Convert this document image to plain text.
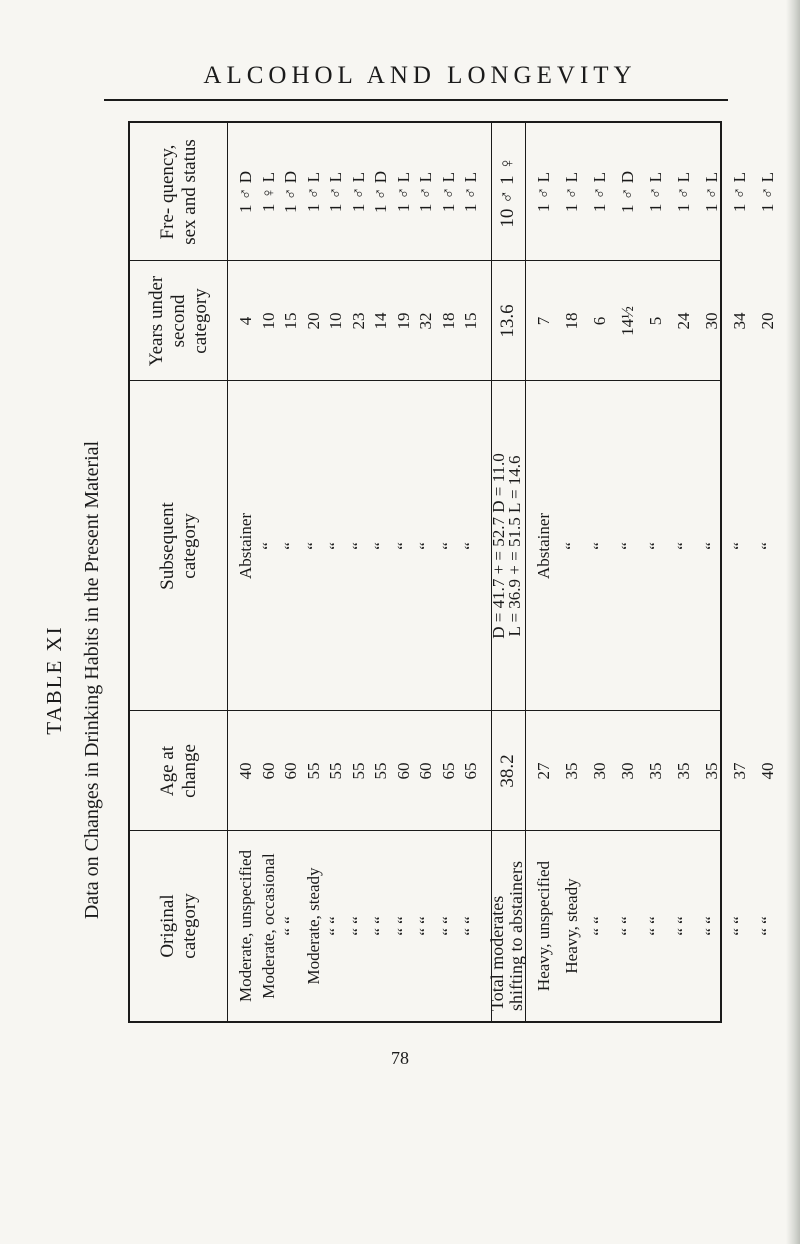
ALCOHOL AND LONGEVITY
TABLE XI Data on Changes in Drinking Habits in the Present Material
Fre- quency, sex and status 1 ♂ D 1 ♀ L 1 ♂ D 1 ♂ L 1 ♂ L 1 ♂ L 1 ♂ D 1 ♂ L 1 ♂ L 1 ♂ L 1 ♂ L 10 ♂ 1 ♀ 1 ♂ L 1 ♂ L 1 ♂ L 1 ♂ D 1 ♂ L 1 ♂ L 1 ♂ L 1 ♂ L 1 ♂ L
Years under second category 4 10 15 20 10 23 14 19 32 18 15 13.6 7 18 6 14½ 5 24 30 34 20
Subsequent category Abstainer “ “ “ “ “ “ “ “ “ “ D = 41.7 + = 52.7 D = 11.0
L = 36.9 + = 51.5 L = 14.6 Abstainer “ “ “ “ “ “ “ “
Age at change 40 60 60 55 55 55 55 60 60 65 65 38.2 27 35 30 30 35 35 35 37 40
Original category Moderate, unspecified Moderate, occasional “ “ Moderate, steady “ “ “ “ “ “ “ “ “ “ “ “ “ “ Total moderates shifting to abstainers Heavy, unspecified Heavy, steady “ “ “ “ “ “ “ “ “ “ “ “ “ “
78
